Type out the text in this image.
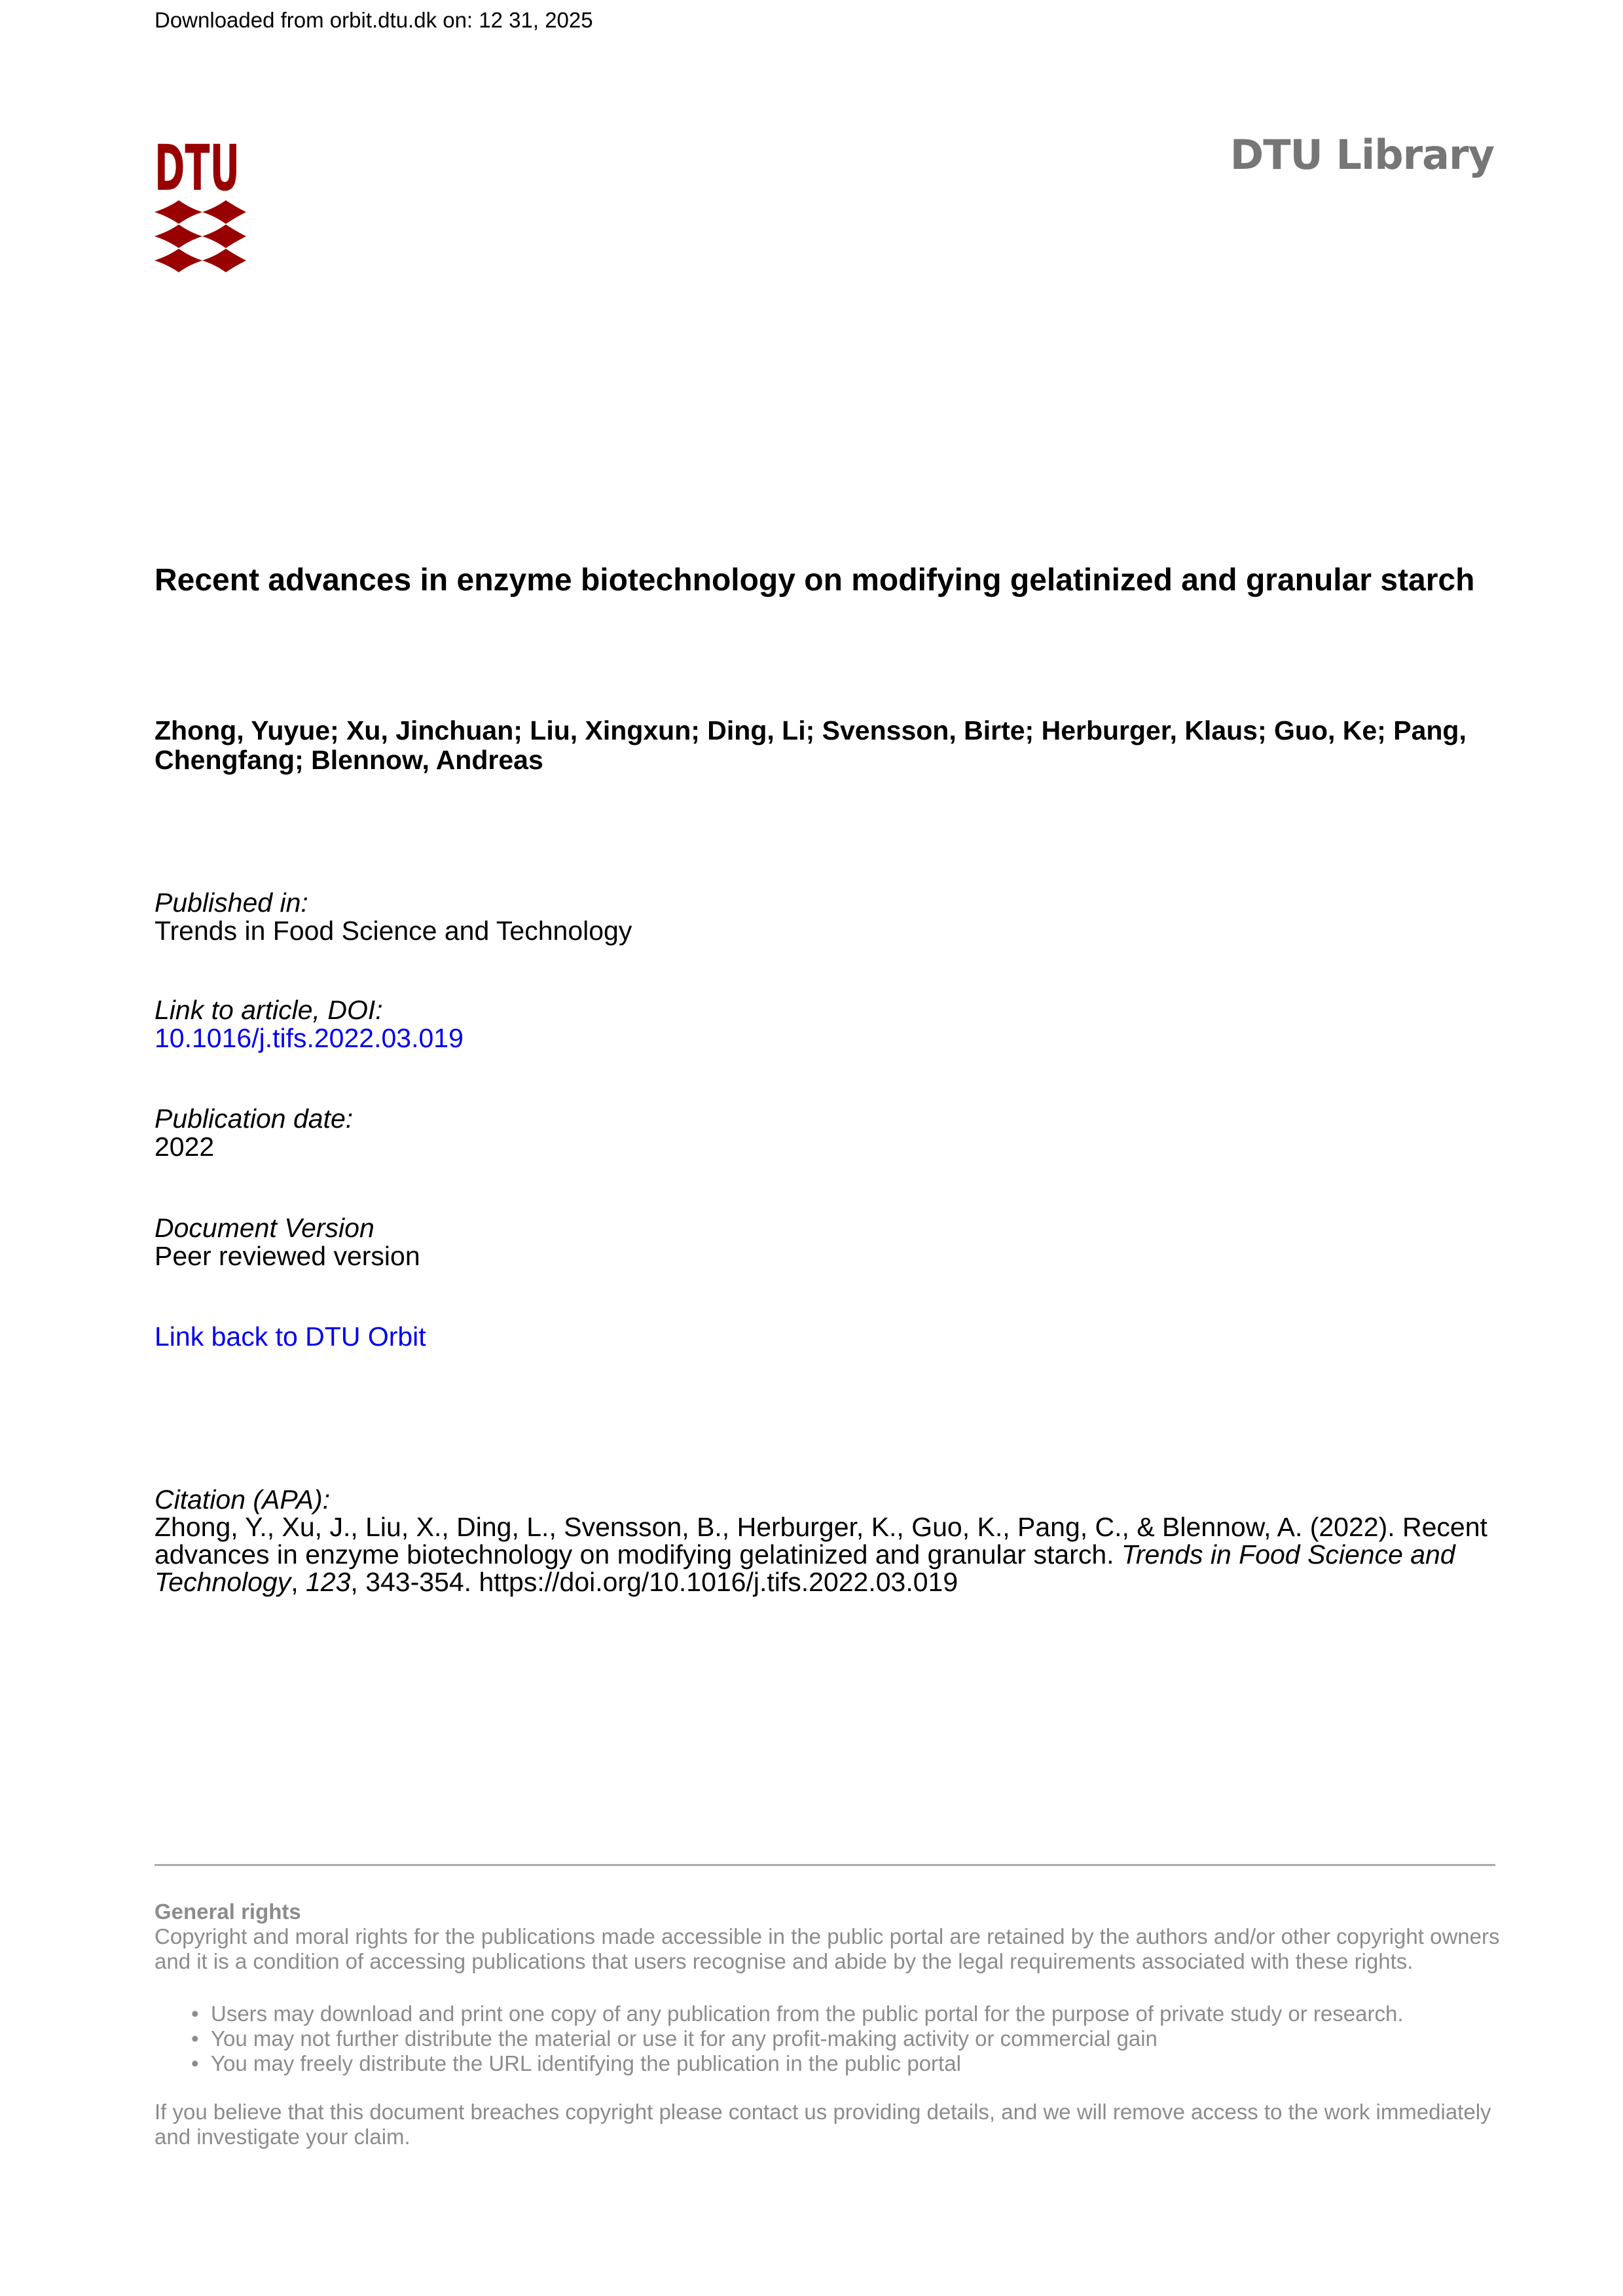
Downloaded from orbit.dtu.dk on: 12 31, 2025
DTU	DTU Library
Recent advances in enzyme biotechnology on modifying gelatinized and granular starch

Zhong, Yuyue; Xu, Jinchuan; Liu, Xingxun; Ding, Li; Svensson, Birte; Herburger, Klaus; Guo, Ke; Pang, Chengfang; Blennow, Andreas

Published in:
Trends in Food Science and Technology
Link to article, DOI:
10.1016/j.tifs.2022.03.019
Publication date:
2022
Document Version
Peer reviewed version
Link back to DTU Orbit
Citation (APA):
Zhong, Y., Xu, J., Liu, X., Ding, L., Svensson, B., Herburger, K., Guo, K., Pang, C., & Blennow, A. (2022). Recent advances in enzyme biotechnology on modifying gelatinized and granular starch. Trends in Food Science and Technology, 123, 343-354. https://doi.org/10.1016/j.tifs.2022.03.019
General rights

Copyright and moral rights for the publications made accessible in the public portal are retained by the authors and/or other copyright owners and it is a condition of accessing publications that users recognise and abide by the legal requirements associated with these rights.

• Users may download and print one copy of any publication from the public portal for the purpose of private study or research.
• You may not further distribute the material or use it for any profit-making activity or commercial gain
• You may freely distribute the URL identifying the publication in the public portal

If you believe that this document breaches copyright please contact us providing details, and we will remove access to the work immediately and investigate your claim.
